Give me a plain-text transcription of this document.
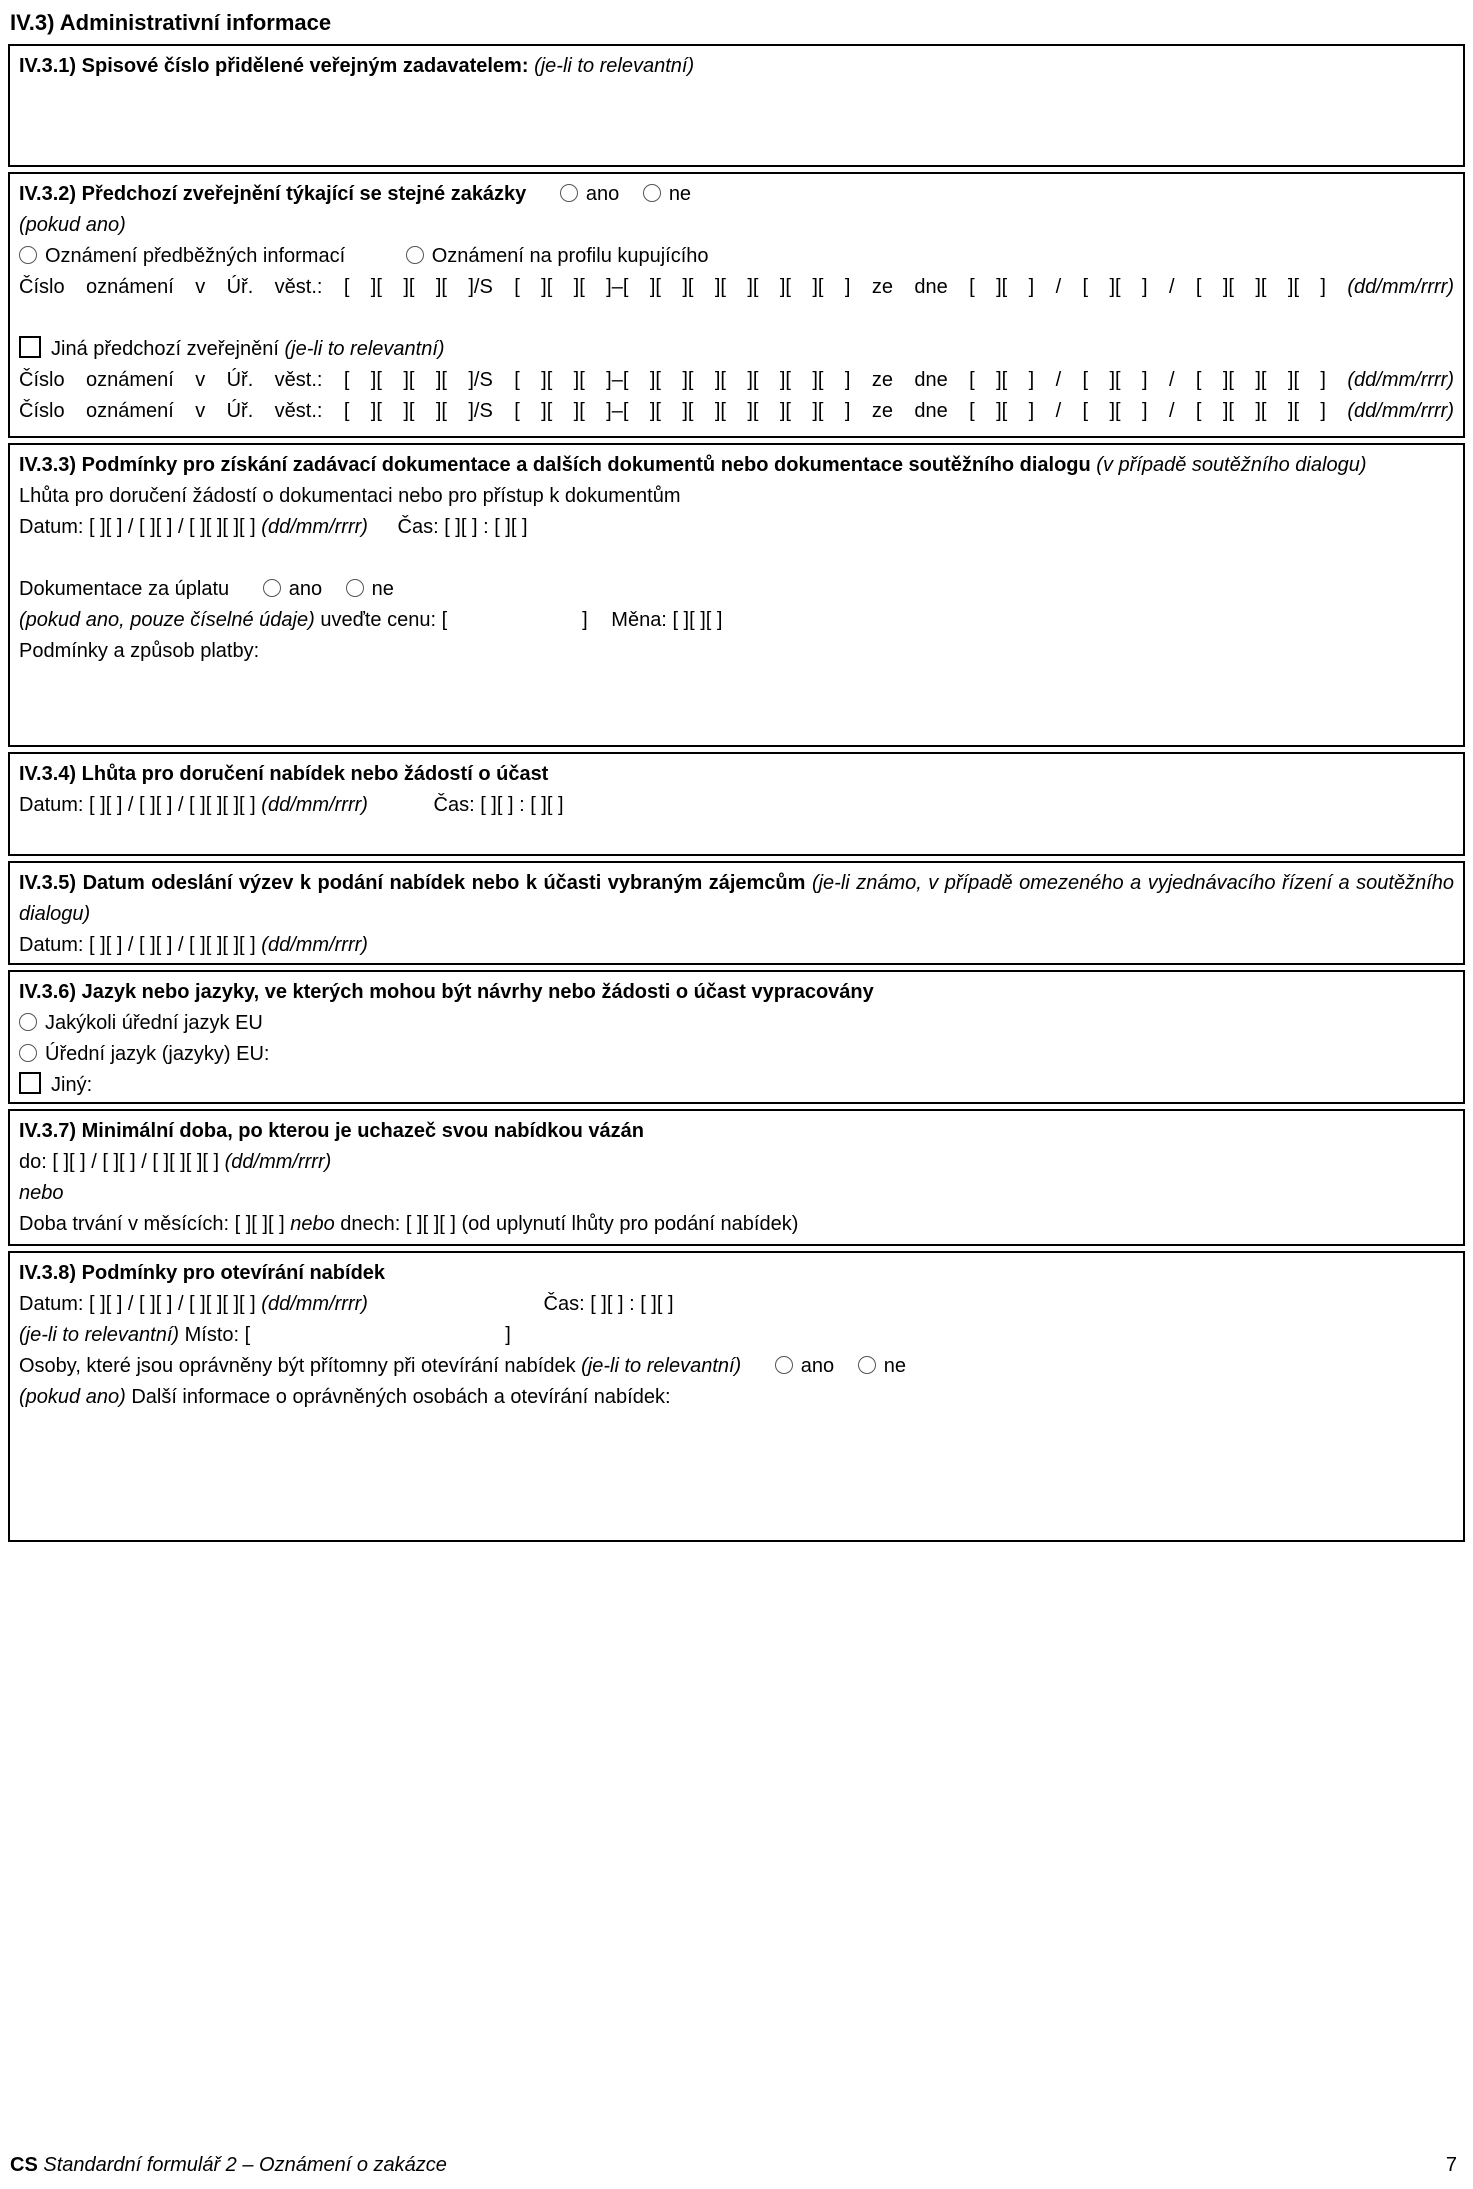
IV.3) Administrativní informace
IV.3.1) Spisové číslo přidělené veřejným zadavatelem: (je-li to relevantní)
IV.3.2) Předchozí zveřejnění týkající se stejné zakázky	ano ne
(pokud ano)
Oznámení předběžných informací	Oznámení na profilu kupujícího
Číslo oznámení v Úř. věst.: [ ][ ][ ][ ]/S [ ][ ][ ]–[ ][ ][ ][ ][ ][ ][ ] ze dne [ ][ ] / [ ][ ] / [ ][ ][ ][ ] (dd/mm/rrrr)
Jiná předchozí zveřejnění (je-li to relevantní)
Číslo oznámení v Úř. věst.: [ ][ ][ ][ ]/S [ ][ ][ ]–[ ][ ][ ][ ][ ][ ][ ] ze dne [ ][ ] / [ ][ ] / [ ][ ][ ][ ] (dd/mm/rrrr)
Číslo oznámení v Úř. věst.: [ ][ ][ ][ ]/S [ ][ ][ ]–[ ][ ][ ][ ][ ][ ][ ] ze dne [ ][ ] / [ ][ ] / [ ][ ][ ][ ] (dd/mm/rrrr)

IV.3.3) Podmínky pro získání zadávací dokumentace a dalších dokumentů nebo dokumentace soutěžního dialogu (v případě soutěžního dialogu)

Lhůta pro doručení žádostí o dokumentaci nebo pro přístup k dokumentům
Datum: [ ][ ] / [ ][ ] / [ ][ ][ ][ ] (dd/mm/rrrr) Čas: [ ][ ] : [ ][ ]
Dokumentace za úplatu	ano ne
(pokud ano, pouze číselné údaje) uveďte cenu: [	] Měna: [ ][ ][ ]
Podmínky a způsob platby:
IV.3.4) Lhůta pro doručení nabídek nebo žádostí o účast
Datum: [ ][ ] / [ ][ ] / [ ][ ][ ][ ] (dd/mm/rrrr)	Čas: [ ][ ] : [ ][ ]

IV.3.5) Datum odeslání výzev k podání nabídek nebo k účasti vybraným zájemcům (je-li známo, v případě omezeného a vyjednávacího řízení a soutěžního dialogu)

Datum: [ ][ ] / [ ][ ] / [ ][ ][ ][ ] (dd/mm/rrrr)
IV.3.6) Jazyk nebo jazyky, ve kterých mohou být návrhy nebo žádosti o účast vypracovány
Jakýkoli úřední jazyk EU
Úřední jazyk (jazyky) EU:
Jiný:
IV.3.7) Minimální doba, po kterou je uchazeč svou nabídkou vázán
do: [ ][ ] / [ ][ ] / [ ][ ][ ][ ] (dd/mm/rrrr)
nebo
Doba trvání v měsících: [ ][ ][ ] nebo dnech: [ ][ ][ ] (od uplynutí lhůty pro podání nabídek)
IV.3.8) Podmínky pro otevírání nabídek
Datum: [ ][ ] / [ ][ ] / [ ][ ][ ][ ] (dd/mm/rrrr)	Čas: [ ][ ] : [ ][ ]
(je-li to relevantní) Místo: [	]
Osoby, které jsou oprávněny být přítomny při otevírání nabídek (je-li to relevantní)	ano ne
(pokud ano) Další informace o oprávněných osobách a otevírání nabídek:
CS Standardní formulář 2 – Oznámení o zakázce	7
